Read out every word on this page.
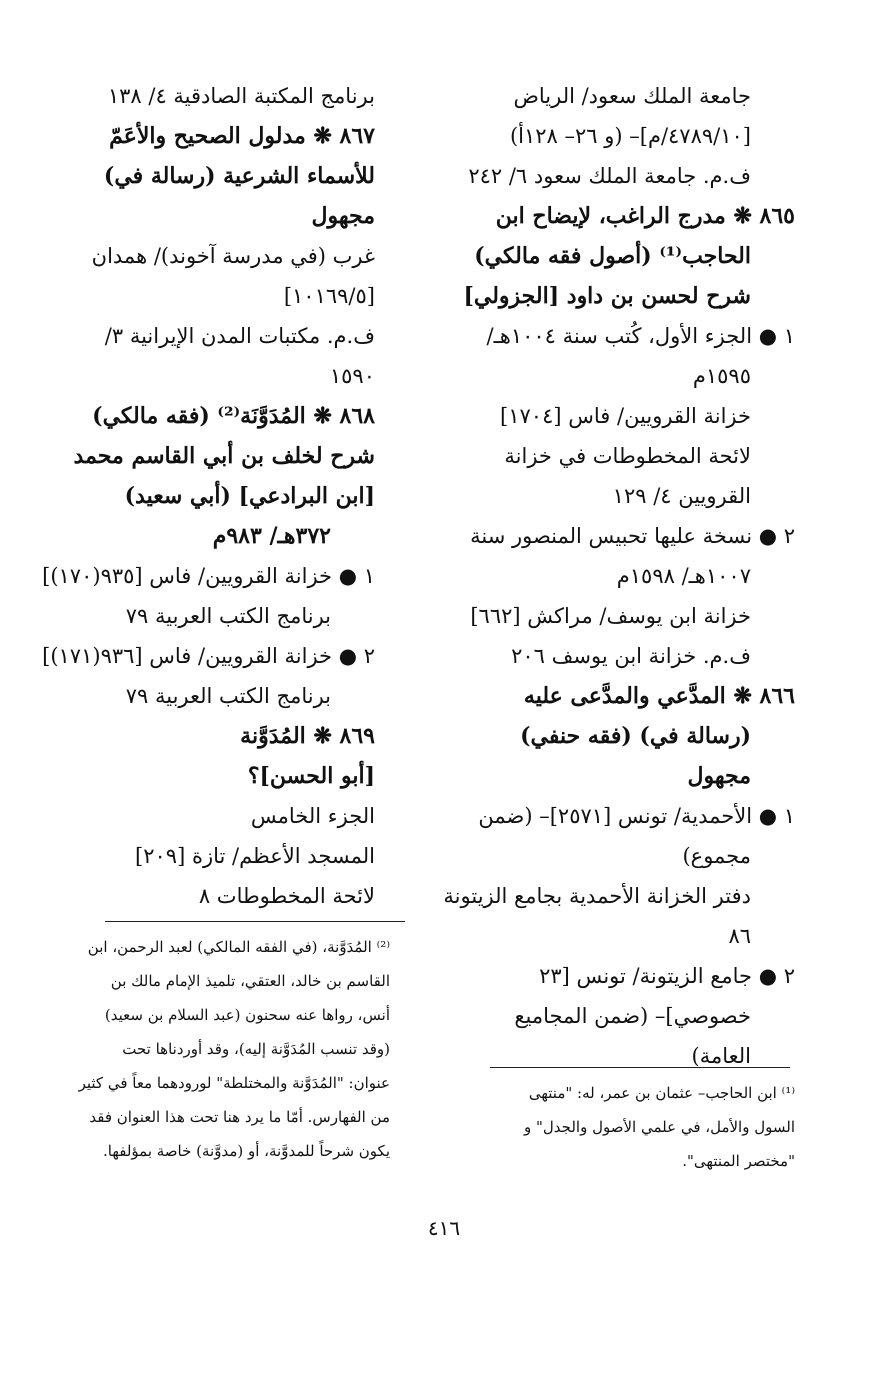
جامعة الملك سعود/ الرياض
[٤٧٨٩/١٠/م]– (و ٢٦– ١٢٨أ)
ف.م. جامعة الملك سعود ٦/ ٢٤٢
٨٦٥ ❋ مدرج الراغب، لإيضاح ابن
الحاجب⁽¹⁾ (أصول فقه مالكي)
شرح لحسن بن داود [الجزولي]
١ ● الجزء الأول، كُتب سنة ١٠٠٤هـ/
١٥٩٥م
خزانة القرويين/ فاس [١٧٠٤]
لائحة المخطوطات في خزانة
القرويين ٤/ ١٢٩
٢ ● نسخة عليها تحبيس المنصور سنة
١٠٠٧هـ/ ١٥٩٨م
خزانة ابن يوسف/ مراكش [٦٦٢]
ف.م. خزانة ابن يوسف ٢٠٦
٨٦٦ ❋ المدَّعي والمدَّعى عليه
(رسالة في) (فقه حنفي)
مجهول
١ ● الأحمدية/ تونس [٢٥٧١]– (ضمن
مجموع)
دفتر الخزانة الأحمدية بجامع الزيتونة
٨٦
٢ ● جامع الزيتونة/ تونس [٢٣
خصوصي]– (ضمن المجاميع
العامة)
برنامج المكتبة الصادقية ٤/ ١٣٨
٨٦٧ ❋ مدلول الصحيح والأعَمّ
للأسماء الشرعية (رسالة في)
مجهول
غرب (في مدرسة آخوند)/ همدان
[١٠١٦٩/٥]
ف.م. مكتبات المدن الإيرانية ٣/
١٥٩٠
٨٦٨ ❋ المُدَوَّنَة⁽²⁾ (فقه مالكي)
شرح لخلف بن أبي القاسم محمد
[ابن البرادعي] (أبي سعيد)
٣٧٢هـ/ ٩٨٣م
١ ● خزانة القرويين/ فاس [٩٣٥(١٧٠)]
برنامج الكتب العربية ٧٩
٢ ● خزانة القرويين/ فاس [٩٣٦(١٧١)]
برنامج الكتب العربية ٧٩
٨٦٩ ❋ المُدَوَّنة
[أبو الحسن]؟
الجزء الخامس
المسجد الأعظم/ تازة [٢٠٩]
لائحة المخطوطات ٨
⁽²⁾ المُدَوَّنة، (في الفقه المالكي) لعبد الرحمن، ابن
القاسم بن خالد، العتقي، تلميذ الإمام مالك بن
أنس، رواها عنه سحنون (عبد السلام بن سعيد)
(وقد تنسب المُدَوَّنة إليه)، وقد أوردناها تحت
عنوان: "المُدَوَّنة والمختلطة" لورودهما معاً في كثير
من الفهارس. أمّا ما يرد هنا تحت هذا العنوان فقد
يكون شرحاً للمدوَّنة، أو (مدوَّنة) خاصة بمؤلفها.
⁽¹⁾ ابن الحاجب– عثمان بن عمر، له: "منتهى
السول والأمل، في علمي الأصول والجدل" و
"مختصر المنتهى".
٤١٦
